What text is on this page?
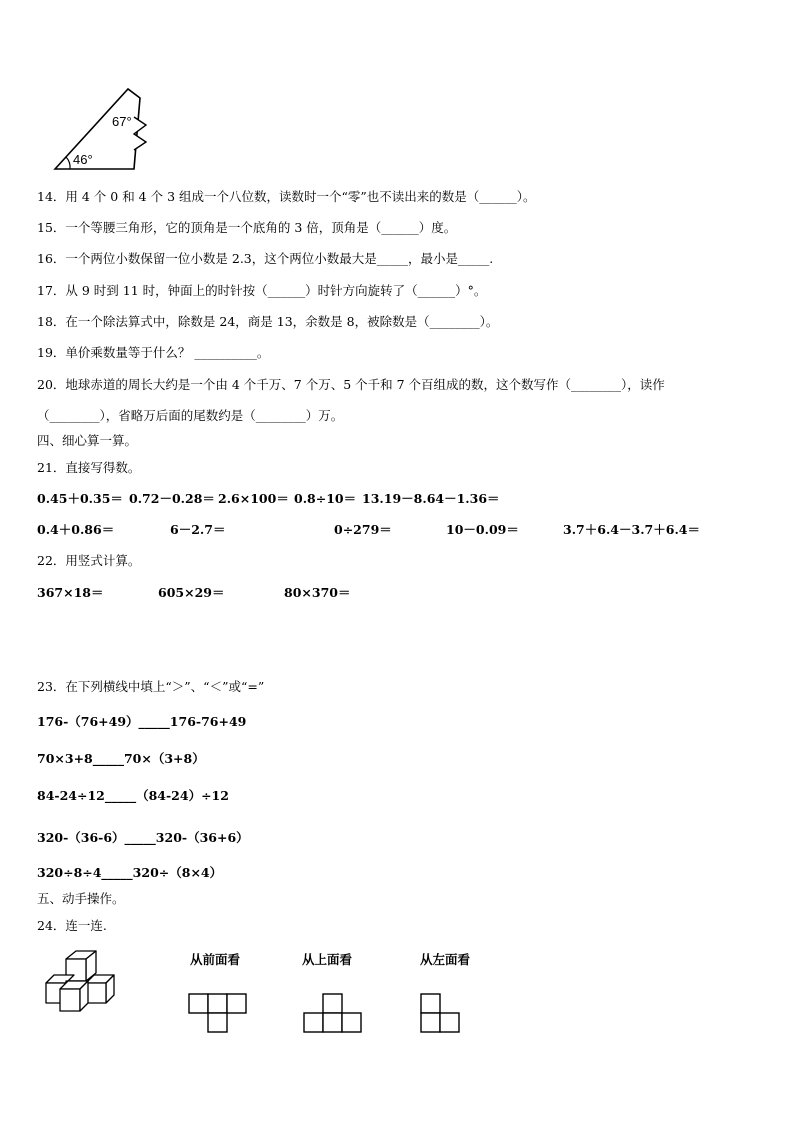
67°
46°
14．用 4 个 0 和 4 个 3 组成一个八位数，读数时一个“零”也不读出来的数是（______）。
15．一个等腰三角形，它的顶角是一个底角的 3 倍，顶角是（______）度。
16．一个两位小数保留一位小数是 2.3，这个两位小数最大是_____，最小是_____.
17．从 9 时到 11 时，钟面上的时针按（______）时针方向旋转了（______）°。
18．在一个除法算式中，除数是 24，商是 13，余数是 8，被除数是（________）。
19．单价乘数量等于什么？ __________。
20．地球赤道的周长大约是一个由 4 个千万、7 个万、5 个千和 7 个百组成的数，这个数写作（________），读作
（________），省略万后面的尾数约是（________）万。
四、细心算一算。
21．直接写得数。
0.45＋0.35＝ 0.72－0.28＝ 2.6×100＝ 0.8÷10＝ 13.19－8.64－1.36＝
0.4＋0.86＝	6－2.7＝	0÷279＝	10－0.09＝	3.7＋6.4－3.7＋6.4＝
22．用竖式计算。
367×18＝	605×29＝	80×370＝
23．在下列横线中填上“＞”、“＜”或“=”
176-（76+49）_____176-76+49
70×3+8_____70×（3+8）
84-24÷12_____（84-24）÷12
320-（36-6）_____320-（36+6）
320÷8÷4_____320÷（8×4）
五、动手操作。
24．连一连.
从前面看	从上面看	从左面看
